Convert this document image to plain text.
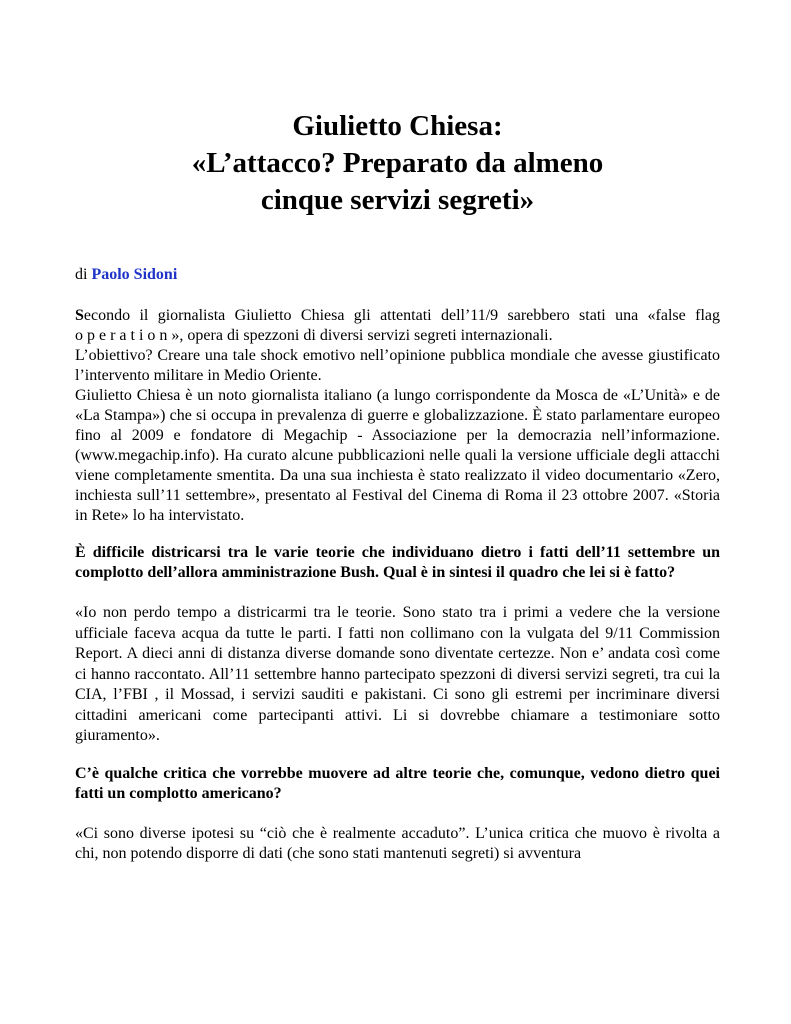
Giulietto Chiesa:
«L’attacco? Preparato da almeno
cinque servizi segreti»
di Paolo Sidoni

Secondo il giornalista Giulietto Chiesa gli attentati dell’11/9 sarebbero stati una «false flag operation», opera di spezzoni di diversi servizi segreti internazionali.

L’obiettivo? Creare una tale shock emotivo nell’opinione pubblica mondiale che avesse giustificato l’intervento militare in Medio Oriente.

Giulietto Chiesa è un noto giornalista italiano (a lungo corrispondente da Mosca de «L’Unità» e de «La Stampa») che si occupa in prevalenza di guerre e globalizzazione. È stato parlamentare europeo fino al 2009 e fondatore di Megachip - Associazione per la democrazia nell’informazione. (www.megachip.info). Ha curato alcune pubblicazioni nelle quali la versione ufficiale degli attacchi viene completamente smentita. Da una sua inchiesta è stato realizzato il video documentario «Zero, inchiesta sull’11 settembre», presentato al Festival del Cinema di Roma il 23 ottobre 2007. «Storia in Rete» lo ha intervistato.

È difficile districarsi tra le varie teorie che individuano dietro i fatti dell’11 settembre un complotto dell’allora amministrazione Bush. Qual è in sintesi il quadro che lei si è fatto?
«Io non perdo tempo a districarmi tra le teorie. Sono stato tra i primi a vedere che la versione ufficiale faceva acqua da tutte le parti. I fatti non collimano con la vulgata del 9/11 Commission Report. A dieci anni di distanza diverse domande sono diventate certezze. Non e’ andata così come ci hanno raccontato. All’11 settembre hanno partecipato spezzoni di diversi servizi segreti, tra cui la CIA, l’FBI , il Mossad, i servizi sauditi e pakistani. Ci sono gli estremi per incriminare diversi cittadini americani come partecipanti attivi. Li si dovrebbe chiamare a testimoniare sotto giuramento».
C’è qualche critica che vorrebbe muovere ad altre teorie che, comunque, vedono dietro quei fatti un complotto americano?
«Ci sono diverse ipotesi su “ciò che è realmente accaduto”. L’unica critica che muovo è rivolta a chi, non potendo disporre di dati (che sono stati mantenuti segreti) si avventura
